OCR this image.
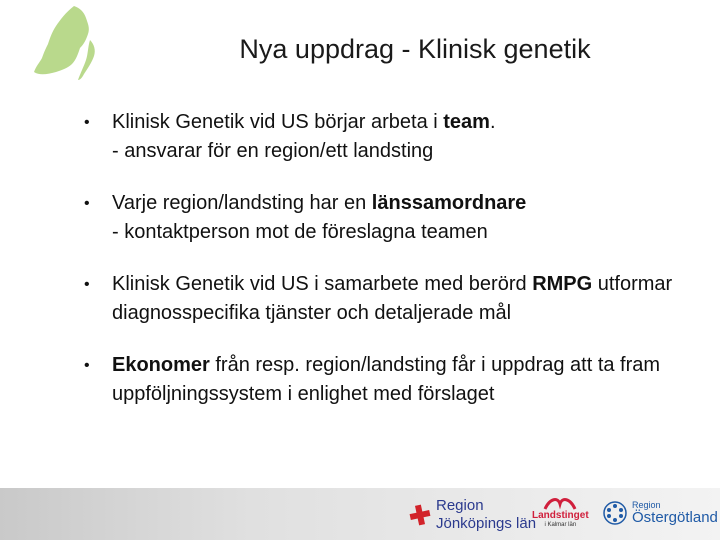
Nya uppdrag - Klinisk genetik
• Klinisk Genetik vid US börjar arbeta i team.
- ansvarar för en region/ett landsting
• Varje region/landsting har en länssamordnare
- kontaktperson mot de föreslagna teamen
• Klinisk Genetik vid US i samarbete med berörd RMPG utformar diagnosspecifika tjänster och detaljerade mål
• Ekonomer från resp. region/landsting får i uppdrag att ta fram uppföljningssystem i enlighet med förslaget
Region
Jönköpings län
Landstinget
i Kalmar län
Region
Östergötland
